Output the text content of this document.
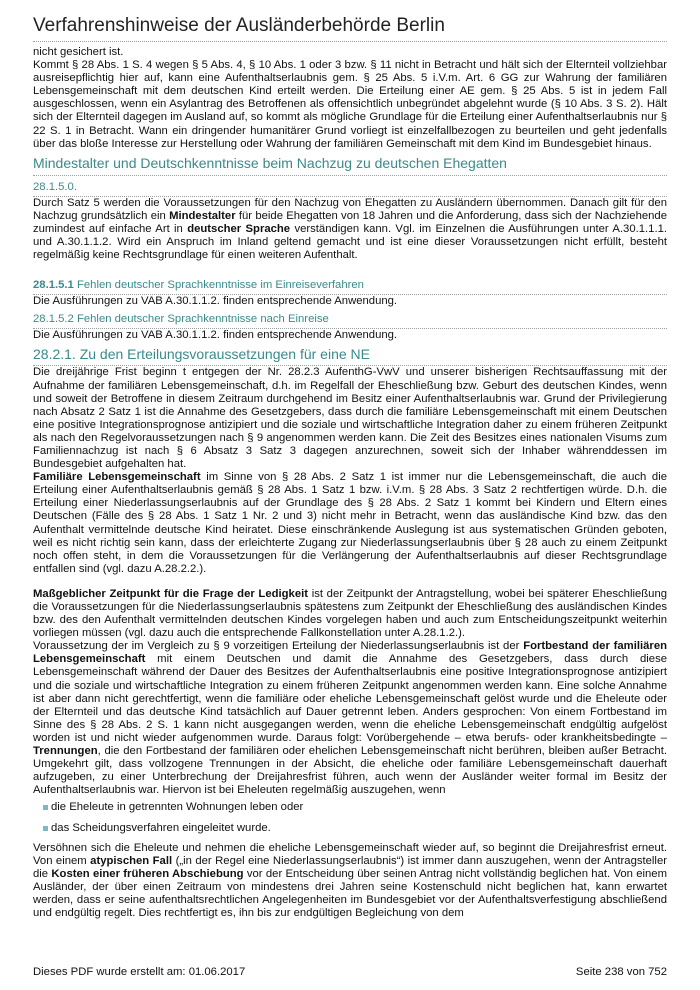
Verfahrenshinweise der Ausländerbehörde Berlin

nicht gesichert ist.

Kommt § 28 Abs. 1 S. 4 wegen § 5 Abs. 4, § 10 Abs. 1 oder 3 bzw. § 11 nicht in Betracht und hält sich der Elternteil vollziehbar ausreisepflichtig hier auf, kann eine Aufenthaltserlaubnis gem. § 25 Abs. 5 i.V.m. Art. 6 GG zur Wahrung der familiären Lebensgemeinschaft mit dem deutschen Kind erteilt werden. Die Erteilung einer AE gem. § 25 Abs. 5 ist in jedem Fall ausgeschlossen, wenn ein Asylantrag des Betroffenen als offensichtlich unbegründet abgelehnt wurde (§ 10 Abs. 3 S. 2). Hält sich der Elternteil dagegen im Ausland auf, so kommt als mögliche Grundlage für die Erteilung einer Aufenthaltserlaubnis nur § 22 S. 1 in Betracht. Wann ein dringender humanitärer Grund vorliegt ist einzelfallbezogen zu beurteilen und geht jedenfalls über das bloße Interesse zur Herstellung oder Wahrung der familiären Gemeinschaft mit dem Kind im Bundesgebiet hinaus.

Mindestalter und Deutschkenntnisse beim Nachzug zu deutschen Ehegatten
28.1.5.0.

Durch Satz 5 werden die Voraussetzungen für den Nachzug von Ehegatten zu Ausländern übernommen. Danach gilt für den Nachzug grundsätzlich ein Mindestalter für beide Ehegatten von 18 Jahren und die Anforderung, dass sich der Nachziehende zumindest auf einfache Art in deutscher Sprache verständigen kann. Vgl. im Einzelnen die Ausführungen unter A.30.1.1.1. und A.30.1.1.2. Wird ein Anspruch im Inland geltend gemacht und ist eine dieser Voraussetzungen nicht erfüllt, besteht regelmäßig keine Rechtsgrundlage für einen weiteren Aufenthalt.

28.1.5.1 Fehlen deutscher Sprachkenntnisse im Einreiseverfahren

Die Ausführungen zu VAB A.30.1.1.2. finden entsprechende Anwendung.

28.1.5.2 Fehlen deutscher Sprachkenntnisse nach Einreise

Die Ausführungen zu VAB A.30.1.1.2. finden entsprechende Anwendung.

28.2.1. Zu den Erteilungsvoraussetzungen für eine NE

Die dreijährige Frist beginn t entgegen der Nr. 28.2.3 AufenthG-VwV und unserer bisherigen Rechtsauffassung mit der Aufnahme der familiären Lebensgemeinschaft, d.h. im Regelfall der Eheschließung bzw. Geburt des deutschen Kindes, wenn und soweit der Betroffene in diesem Zeitraum durchgehend im Besitz einer Aufenthaltserlaubnis war. Grund der Privilegierung nach Absatz 2 Satz 1 ist die Annahme des Gesetzgebers, dass durch die familiäre Lebensgemeinschaft mit einem Deutschen eine positive Integrationsprognose antizipiert und die soziale und wirtschaftliche Integration daher zu einem früheren Zeitpunkt als nach den Regelvoraussetzungen nach § 9 angenommen werden kann. Die Zeit des Besitzes eines nationalen Visums zum Familiennachzug ist nach § 6 Absatz 3 Satz 3 dagegen anzurechnen, soweit sich der Inhaber währenddessen im Bundesgebiet aufgehalten hat.

Familiäre Lebensgemeinschaft im Sinne von § 28 Abs. 2 Satz 1 ist immer nur die Lebensgemeinschaft, die auch die Erteilung einer Aufenthaltserlaubnis gemäß § 28 Abs. 1 Satz 1 bzw. i.V.m. § 28 Abs. 3 Satz 2 rechtfertigen würde. D.h. die Erteilung einer Niederlassungserlaubnis auf der Grundlage des § 28 Abs. 2 Satz 1 kommt bei Kindern und Eltern eines Deutschen (Fälle des § 28 Abs. 1 Satz 1 Nr. 2 und 3) nicht mehr in Betracht, wenn das ausländische Kind bzw. das den Aufenthalt vermittelnde deutsche Kind heiratet. Diese einschränkende Auslegung ist aus systematischen Gründen geboten, weil es nicht richtig sein kann, dass der erleichterte Zugang zur Niederlassungserlaubnis über § 28 auch zu einem Zeitpunkt noch offen steht, in dem die Voraussetzungen für die Verlängerung der Aufenthaltserlaubnis auf dieser Rechtsgrundlage entfallen sind (vgl. dazu A.28.2.2.).

Maßgeblicher Zeitpunkt für die Frage der Ledigkeit ist der Zeitpunkt der Antragstellung, wobei bei späterer Eheschließung die Voraussetzungen für die Niederlassungserlaubnis spätestens zum Zeitpunkt der Eheschließung des ausländischen Kindes bzw. des den Aufenthalt vermittelnden deutschen Kindes vorgelegen haben und auch zum Entscheidungszeitpunkt weiterhin vorliegen müssen (vgl. dazu auch die entsprechende Fallkonstellation unter A.28.1.2.).

Voraussetzung der im Vergleich zu § 9 vorzeitigen Erteilung der Niederlassungserlaubnis ist der Fortbestand der familiären Lebensgemeinschaft mit einem Deutschen und damit die Annahme des Gesetzgebers, dass durch diese Lebensgemeinschaft während der Dauer des Besitzes der Aufenthaltserlaubnis eine positive Integrationsprognose antizipiert und die soziale und wirtschaftliche Integration zu einem früheren Zeitpunkt angenommen werden kann. Eine solche Annahme ist aber dann nicht gerechtfertigt, wenn die familiäre oder eheliche Lebensgemeinschaft gelöst wurde und die Eheleute oder der Elternteil und das deutsche Kind tatsächlich auf Dauer getrennt leben. Anders gesprochen: Von einem Fortbestand im Sinne des § 28 Abs. 2 S. 1 kann nicht ausgegangen werden, wenn die eheliche Lebensgemeinschaft endgültig aufgelöst worden ist und nicht wieder aufgenommen wurde. Daraus folgt: Vorübergehende – etwa berufs- oder krankheitsbedingte – Trennungen, die den Fortbestand der familiären oder ehelichen Lebensgemeinschaft nicht berühren, bleiben außer Betracht. Umgekehrt gilt, dass vollzogene Trennungen in der Absicht, die eheliche oder familiäre Lebensgemeinschaft dauerhaft aufzugeben, zu einer Unterbrechung der Dreijahresfrist führen, auch wenn der Ausländer weiter formal im Besitz der Aufenthaltserlaubnis war. Hiervon ist bei Eheleuten regelmäßig auszugehen, wenn

die Eheleute in getrennten Wohnungen leben oder
das Scheidungsverfahren eingeleitet wurde.

Versöhnen sich die Eheleute und nehmen die eheliche Lebensgemeinschaft wieder auf, so beginnt die Dreijahresfrist erneut. Von einem atypischen Fall („in der Regel eine Niederlassungserlaubnis“) ist immer dann auszugehen, wenn der Antragsteller die Kosten einer früheren Abschiebung vor der Entscheidung über seinen Antrag nicht vollständig beglichen hat. Von einem Ausländer, der über einen Zeitraum von mindestens drei Jahren seine Kostenschuld nicht beglichen hat, kann erwartet werden, dass er seine aufenthaltsrechtlichen Angelegenheiten im Bundesgebiet vor der Aufenthaltsverfestigung abschließend und endgültig regelt. Dies rechtfertigt es, ihn bis zur endgültigen Begleichung von dem

Dieses PDF wurde erstellt am: 01.06.2017	Seite 238 von 752
